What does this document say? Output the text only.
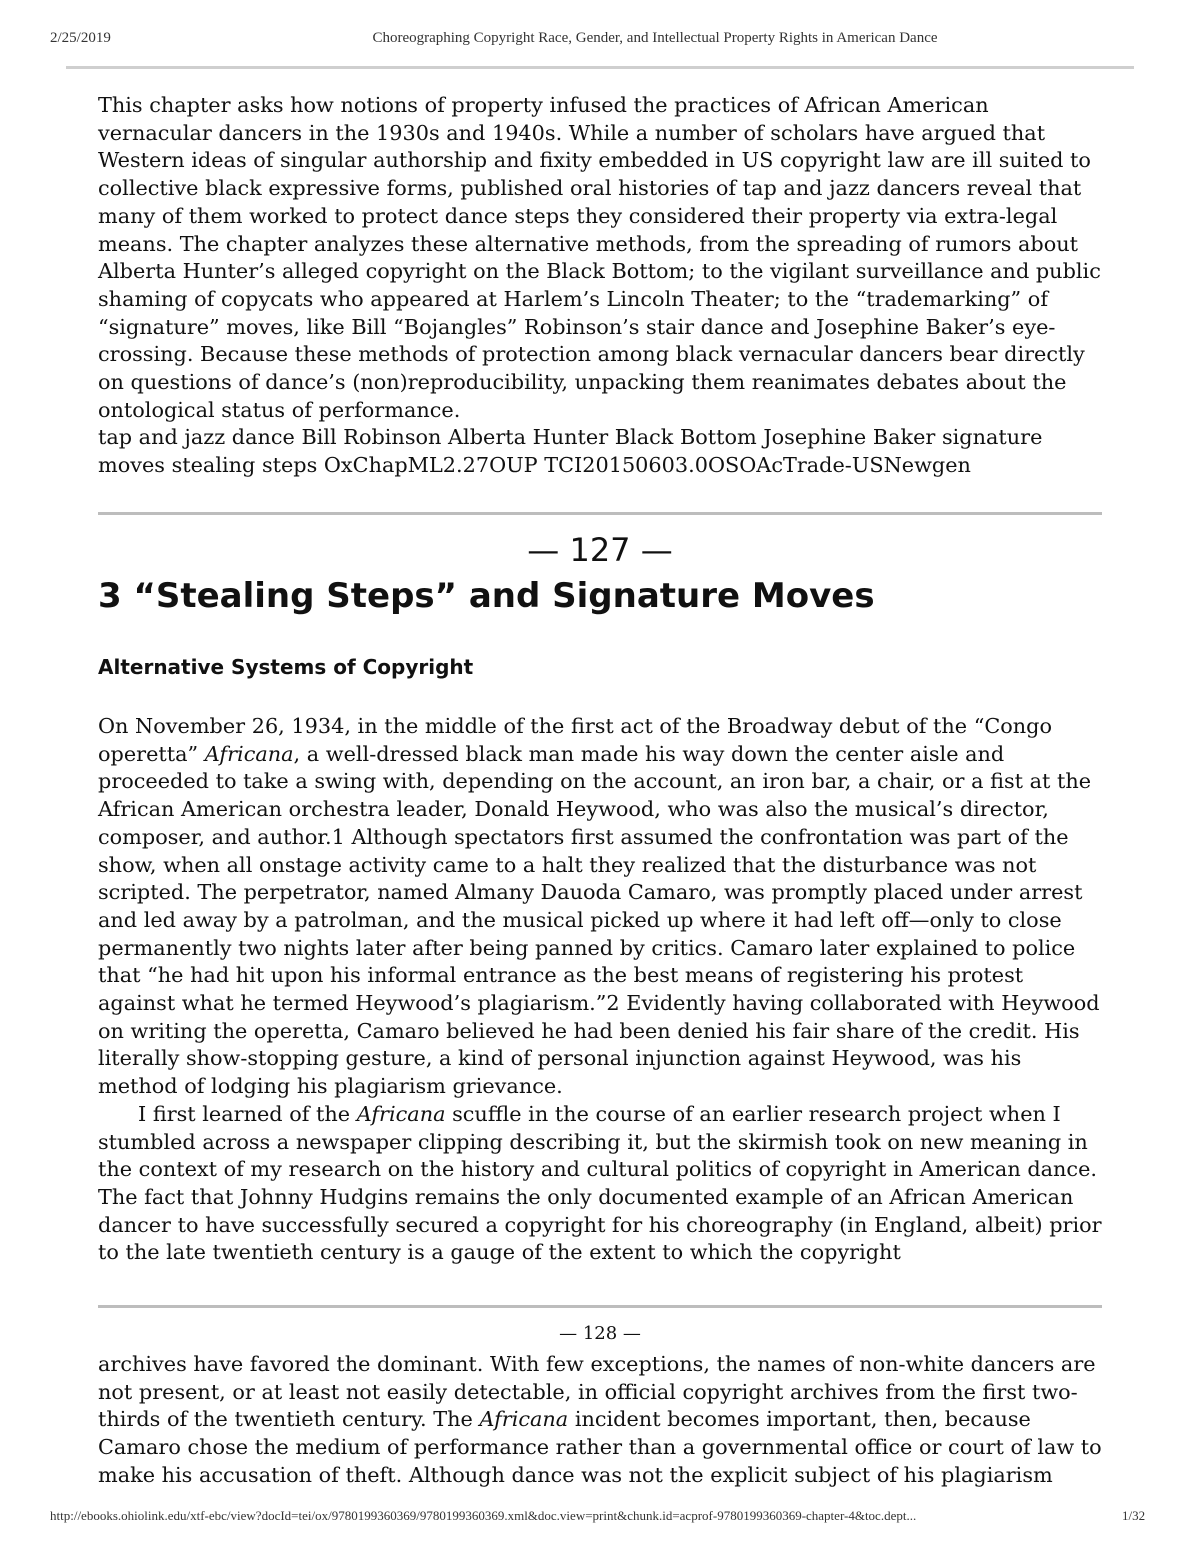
2/25/2019	Choreographing Copyright Race, Gender, and Intellectual Property Rights in American Dance

This chapter asks how notions of property infused the practices of African American vernacular dancers in the 1930s and 1940s. While a number of scholars have argued that Western ideas of singular authorship and fixity embedded in US copyright law are ill suited to collective black expressive forms, published oral histories of tap and jazz dancers reveal that many of them worked to protect dance steps they considered their property via extra-legal means. The chapter analyzes these alternative methods, from the spreading of rumors about Alberta Hunter’s alleged copyright on the Black Bottom; to the vigilant surveillance and public shaming of copycats who appeared at Harlem’s Lincoln Theater; to the “trademarking” of “signature” moves, like Bill “Bojangles” Robinson’s stair dance and Josephine Baker’s eye-crossing. Because these methods of protection among black vernacular dancers bear directly on questions of dance’s (non)reproducibility, unpacking them reanimates debates about the ontological status of performance.

tap and jazz dance Bill Robinson Alberta Hunter Black Bottom Josephine Baker signature moves stealing steps OxChapML2.27OUP TCI20150603.0OSOAcTrade-USNewgen

— 127 —
3 “Stealing Steps” and Signature Moves
Alternative Systems of Copyright

On November 26, 1934, in the middle of the first act of the Broadway debut of the “Congo operetta” Africana, a well-dressed black man made his way down the center aisle and proceeded to take a swing with, depending on the account, an iron bar, a chair, or a fist at the African American orchestra leader, Donald Heywood, who was also the musical’s director, composer, and author.1 Although spectators first assumed the confrontation was part of the show, when all onstage activity came to a halt they realized that the disturbance was not scripted. The perpetrator, named Almany Dauoda Camaro, was promptly placed under arrest and led away by a patrolman, and the musical picked up where it had left off—only to close permanently two nights later after being panned by critics. Camaro later explained to police that “he had hit upon his informal entrance as the best means of registering his protest against what he termed Heywood’s plagiarism.”2 Evidently having collaborated with Heywood on writing the operetta, Camaro believed he had been denied his fair share of the credit. His literally show-stopping gesture, a kind of personal injunction against Heywood, was his method of lodging his plagiarism grievance.

I first learned of the Africana scuffle in the course of an earlier research project when I stumbled across a newspaper clipping describing it, but the skirmish took on new meaning in the context of my research on the history and cultural politics of copyright in American dance. The fact that Johnny Hudgins remains the only documented example of an African American dancer to have successfully secured a copyright for his choreography (in England, albeit) prior to the late twentieth century is a gauge of the extent to which the copyright

— 128 —

archives have favored the dominant. With few exceptions, the names of non-white dancers are not present, or at least not easily detectable, in official copyright archives from the first two-thirds of the twentieth century. The Africana incident becomes important, then, because Camaro chose the medium of performance rather than a governmental office or court of law to make his accusation of theft. Although dance was not the explicit subject of his plagiarism

http://ebooks.ohiolink.edu/xtf-ebc/view?docId=tei/ox/9780199360369/9780199360369.xml&doc.view=print&chunk.id=acprof-9780199360369-chapter-4&toc.dept...	1/32
